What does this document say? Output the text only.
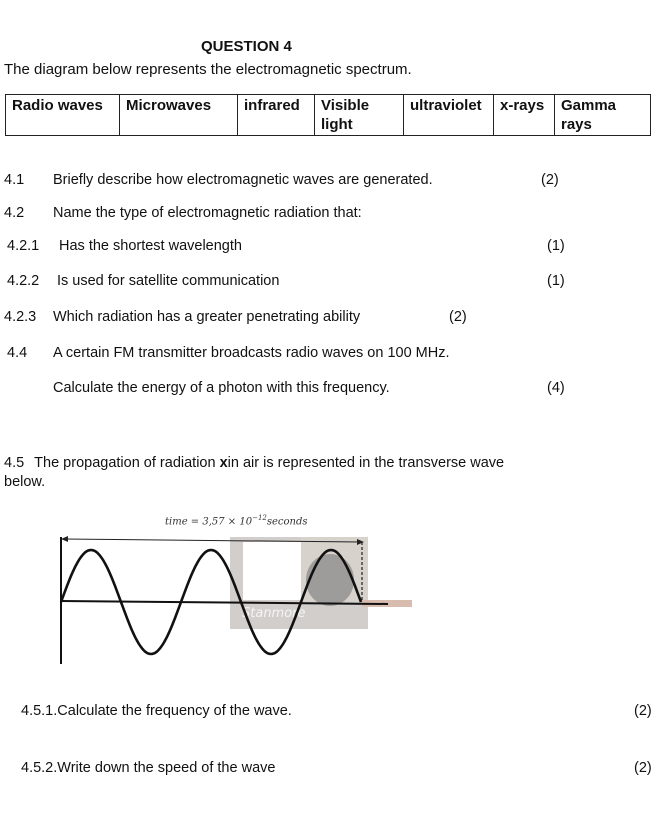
QUESTION 4
The diagram below represents the electromagnetic spectrum.
Radio waves	Microwaves	infrared	Visible light	ultraviolet	x-rays	Gamma rays
4.1 Briefly describe how electromagnetic waves are generated.	(2)
4.2 Name the type of electromagnetic radiation that:
4.2.1 Has the shortest wavelength	(1)
4.2.2 Is used for satellite communication	(1)
4.2.3 Which radiation has a greater penetrating ability	(2)
4.4 A certain FM transmitter broadcasts radio waves on 100 MHz.
Calculate the energy of a photon with this frequency.	(4)
4.5 The propagation of radiation xin air is represented in the transverse wave
below.
time = $3,57 \times 10^{-12}seconds$
Stanmore
4.5.1.Calculate the frequency of the wave.	(2)
4.5.2.Write down the speed of the wave	(2)
